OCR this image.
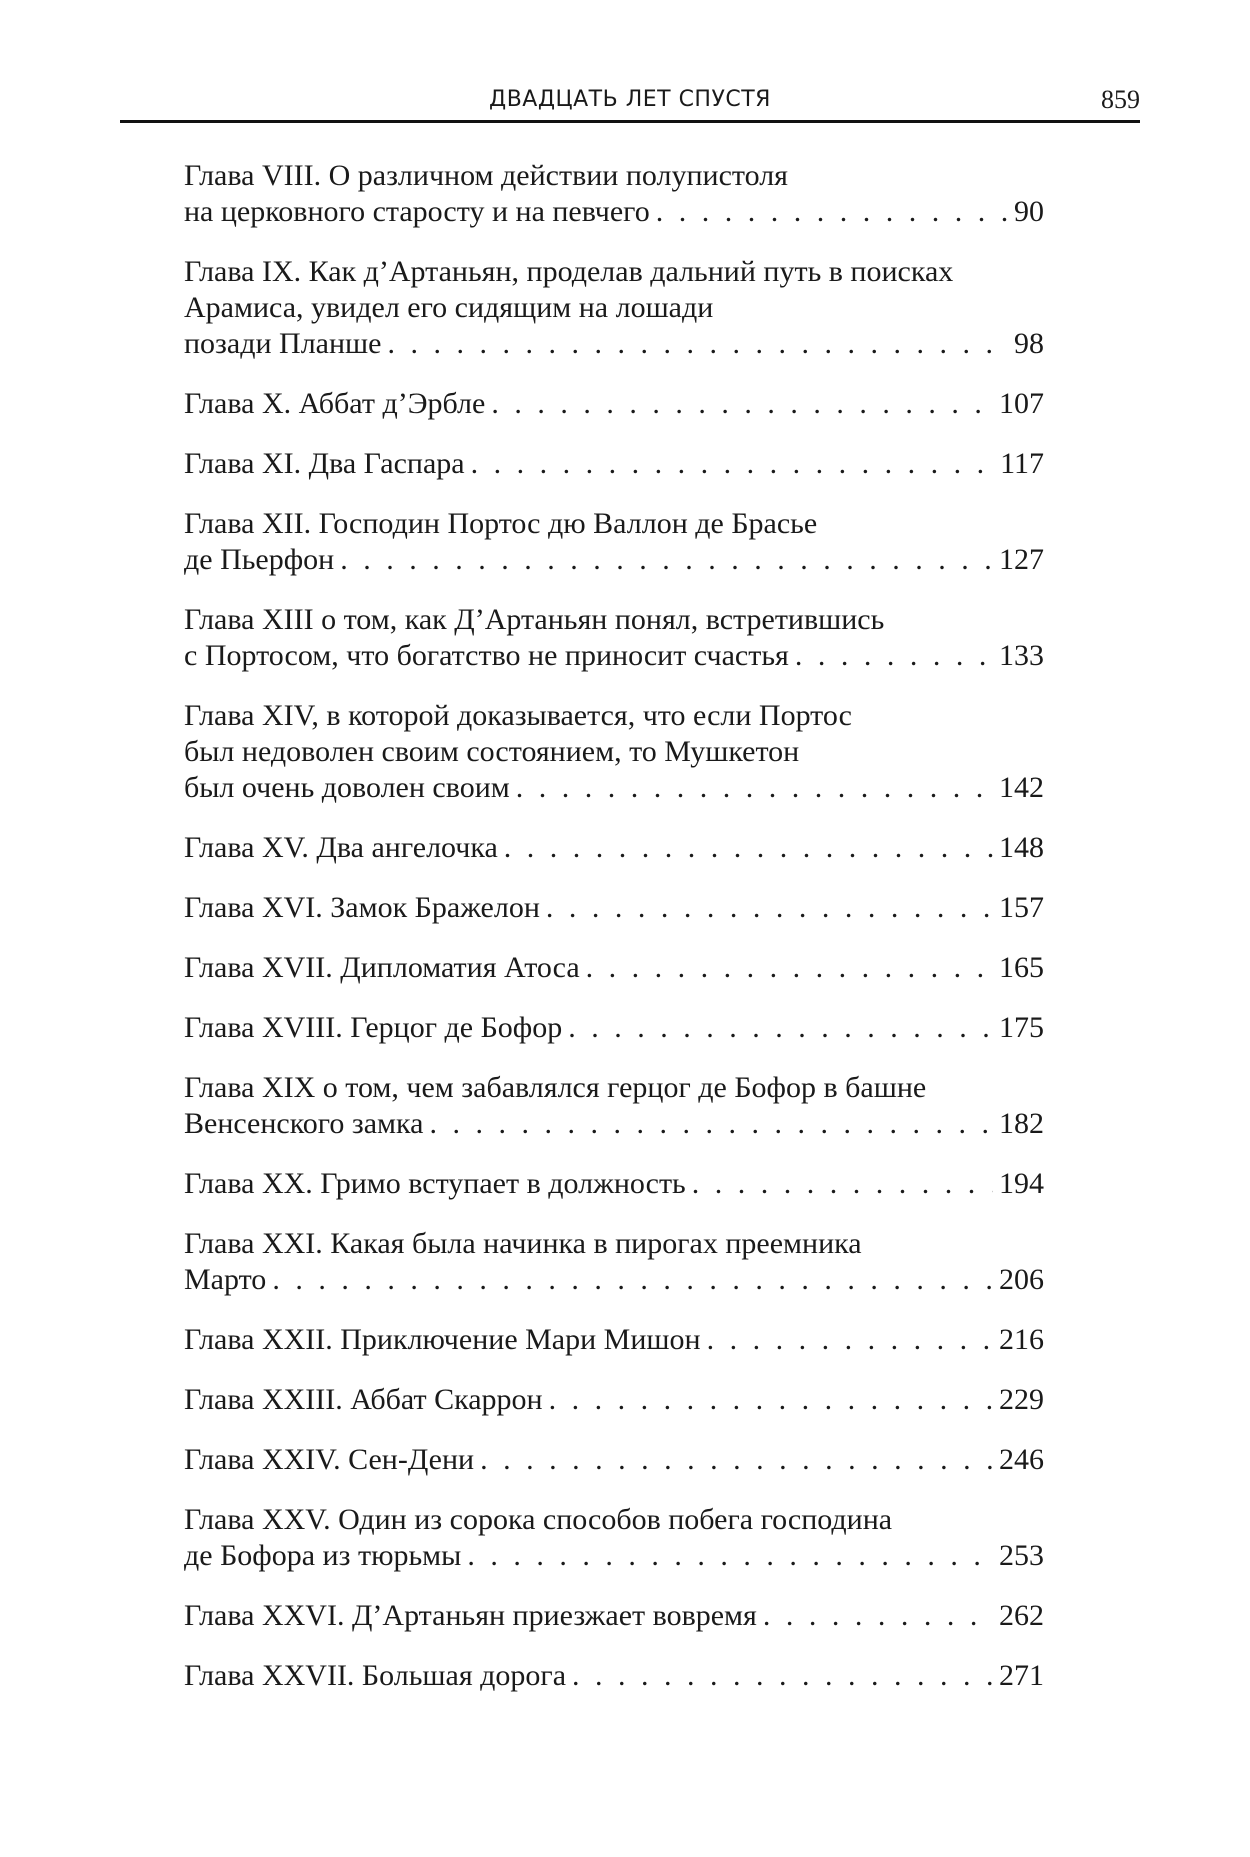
ДВАДЦАТЬ ЛЕТ СПУСТЯ	859
Глава VIII. О различном действии полупистоля
на церковного старосту и на певчего . . .	90
Глава IX. Как д’Артаньян, проделав дальний путь в поисках
Арамиса, увидел его сидящим на лошади
позади Планше . . .	98
Глава X. Аббат д’Эрбле . . .	107
Глава XI. Два Гаспара . . .	117
Глава XII. Господин Портос дю Валлон де Брасье
де Пьерфон . . .	127
Глава XIII о том, как Д’Артаньян понял, встретившись
с Портосом, что богатство не приносит счастья . . .	133
Глава XIV, в которой доказывается, что если Портос
был недоволен своим состоянием, то Мушкетон
был очень доволен своим . . .	142
Глава XV. Два ангелочка . . .	148
Глава XVI. Замок Бражелон . . .	157
Глава XVII. Дипломатия Атоса . . .	165
Глава XVIII. Герцог де Бофор . . .	175
Глава XIX о том, чем забавлялся герцог де Бофор в башне
Венсенского замка . . .	182
Глава XX. Гримо вступает в должность . . .	194
Глава XXI. Какая была начинка в пирогах преемника
Марто . . .	206
Глава XXII. Приключение Мари Мишон . . .	216
Глава XXIII. Аббат Скаррон . . .	229
Глава XXIV. Сен-Дени . . .	246
Глава XXV. Один из сорока способов побега господина
де Бофора из тюрьмы . . .	253
Глава XXVI. Д’Артаньян приезжает вовремя . . .	262
Глава XXVII. Большая дорога . . .	271
